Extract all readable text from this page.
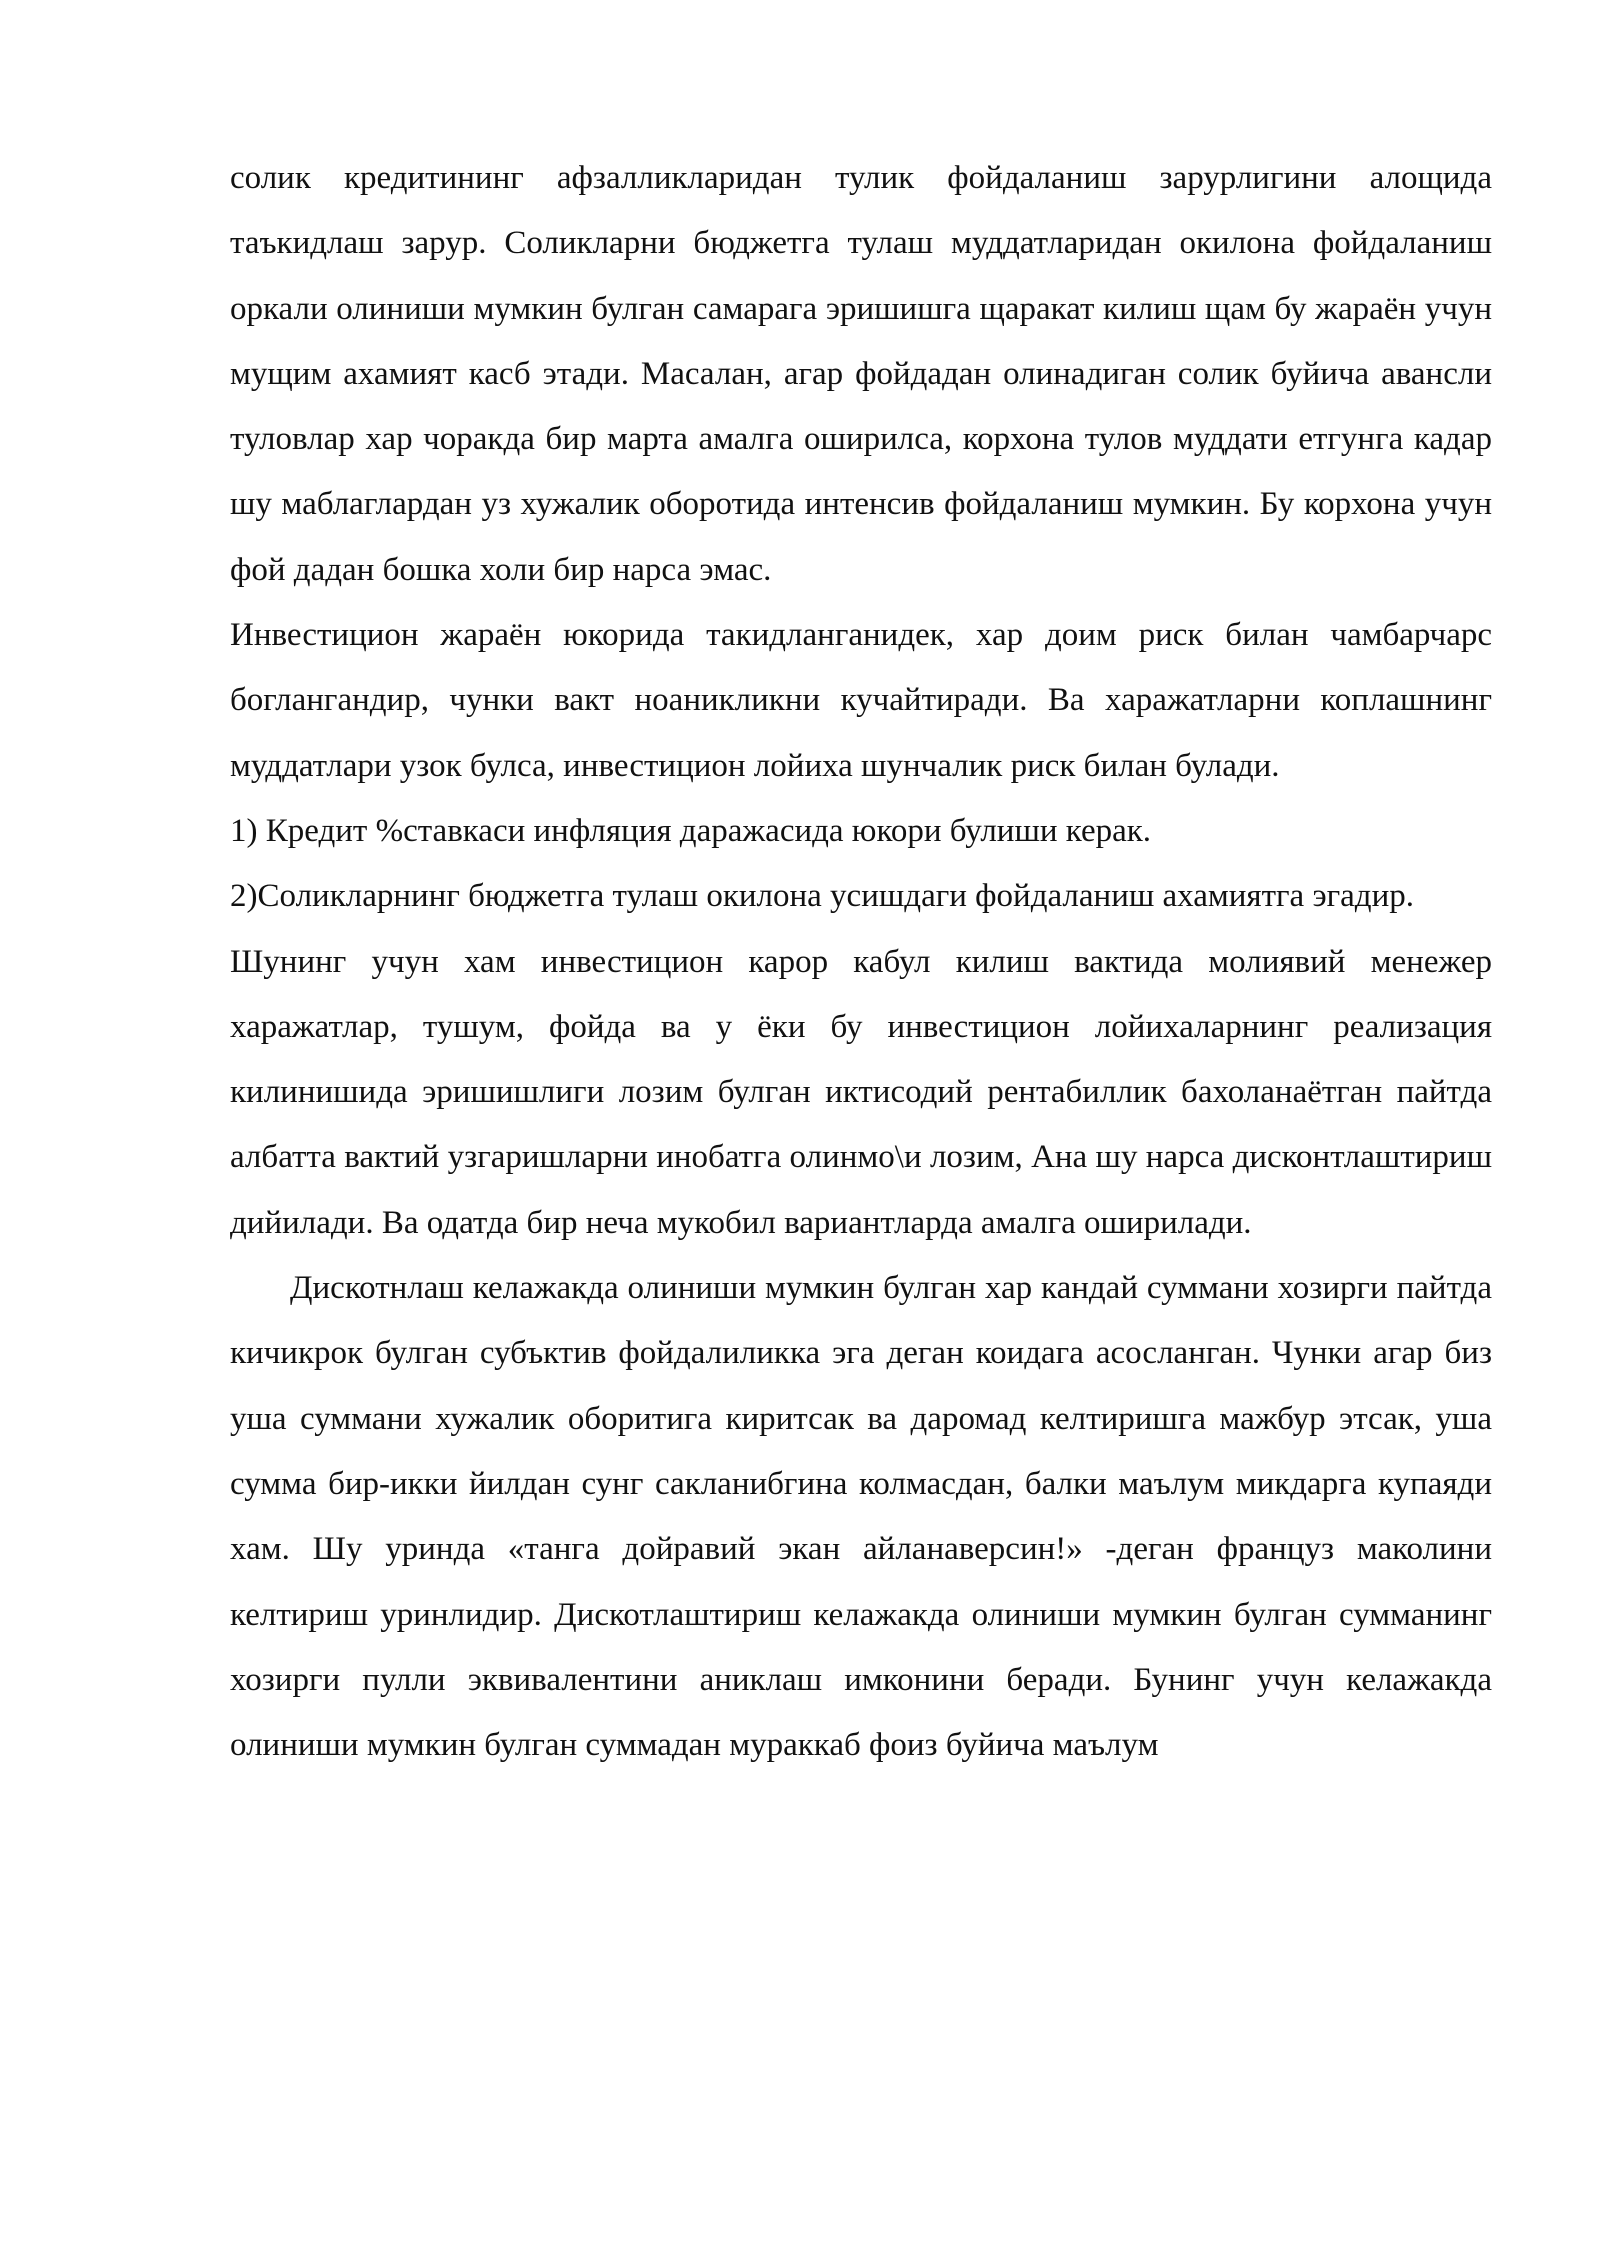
солик кредитининг афзалликларидан тулик фойдаланиш зарурлигини алощида таъкидлаш зарур. Соликларни бюджетга тулаш муддатларидан окилона фойдаланиш оркали олиниши мумкин булган самарага эришишга щаракат килиш щам бу жараён учун мущим ахамият касб этади. Масалан, агар фойдадан олинадиган солик буйича авансли туловлар хар чоракда бир марта амалга оширилса, корхона тулов муддати етгунга кадар шу маблаглардан уз хужалик оборотида интенсив фойдаланиш мумкин. Бу корхона учун фой дадан бошка холи бир нарса эмас.

Инвестицион жараён юкорида такидланганидек, хар доим риск билан чамбарчарс боглангандир, чунки вакт ноаникликни кучайтиради. Ва харажатларни коплашнинг муддатлари узок булса, инвестицион лойиха шунчалик риск билан булади.

1) Кредит %ставкаси инфляция даражасида юкори булиши керак.

2)Соликларнинг бюджетга тулаш окилона усишдаги фойдаланиш ахамиятга эгадир.

Шунинг учун хам инвестицион карор кабул килиш вактида молиявий менежер харажатлар, тушум, фойда ва у ёки бу инвестицион лойихаларнинг реализация килинишида эришишлиги лозим булган иктисодий рентабиллик бахоланаётган пайтда албатта вактий узгаришларни инобатга олинмо\и лозим, Ана шу нарса дисконтлаштириш дийилади. Ва одатда бир неча мукобил вариантларда амалга оширилади.

Дискотнлаш келажакда олиниши мумкин булган хар кандай суммани хозирги пайтда кичикрок булган субъктив фойдалиликка эга деган коидага асосланган. Чунки агар биз уша суммани хужалик оборитига киритсак ва даромад келтиришга мажбур этсак, уша сумма бир-икки йилдан сунг сакланибгина колмасдан, балки маълум микдарга купаяди хам. Шу уринда «танга дойравий экан айланаверсин!» -деган француз маколини келтириш уринлидир. Дискотлаштириш келажакда олиниши мумкин булган сумманинг хозирги пулли эквивалентини аниклаш имконини беради. Бунинг учун келажакда олиниши мумкин булган суммадан мураккаб фоиз буйича маълум
